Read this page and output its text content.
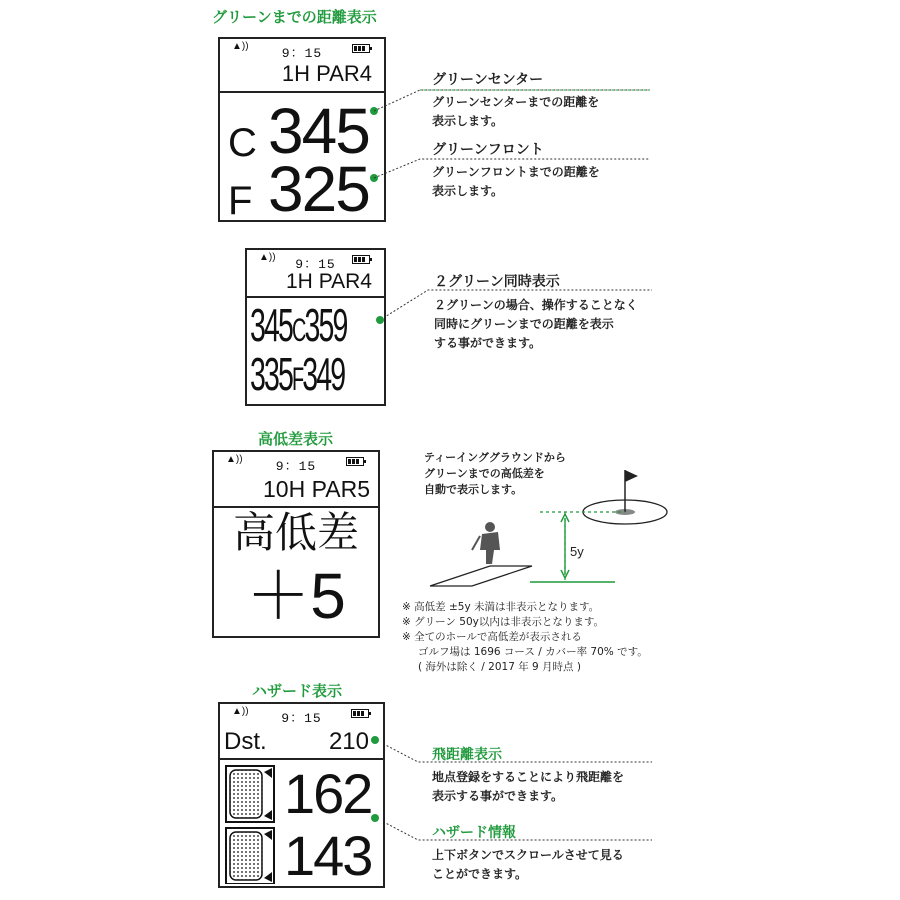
グリーンまでの距離表示
▲))	9：15
1H PAR4
C 345
F 325
グリーンセンター
グリーンセンターまでの距離を
表示します。
グリーンフロント
グリーンフロントまでの距離を
表示します。
▲))	9：15
1H PAR4
345C359
335F349
２グリーン同時表示
２グリーンの場合、操作することなく
同時にグリーンまでの距離を表示
する事ができます。
高低差表示
▲))	9：15
10H PAR5
高低差
＋5
ティーインググラウンドから
グリーンまでの高低差を
自動で表示します。
5y
※ 高低差 ±5y 未満は非表示となります。
※ グリーン 50y以内は非表示となります。
※ 全てのホールで高低差が表示される
ゴルフ場は 1696 コース / カバー率 70% です。
( 海外は除く / 2017 年 9 月時点 )
ハザード表示
▲))	9：15
Dst.	210
162
143
飛距離表示
地点登録をすることにより飛距離を
表示する事ができます。
ハザード情報
上下ボタンでスクロールさせて見る
ことができます。
